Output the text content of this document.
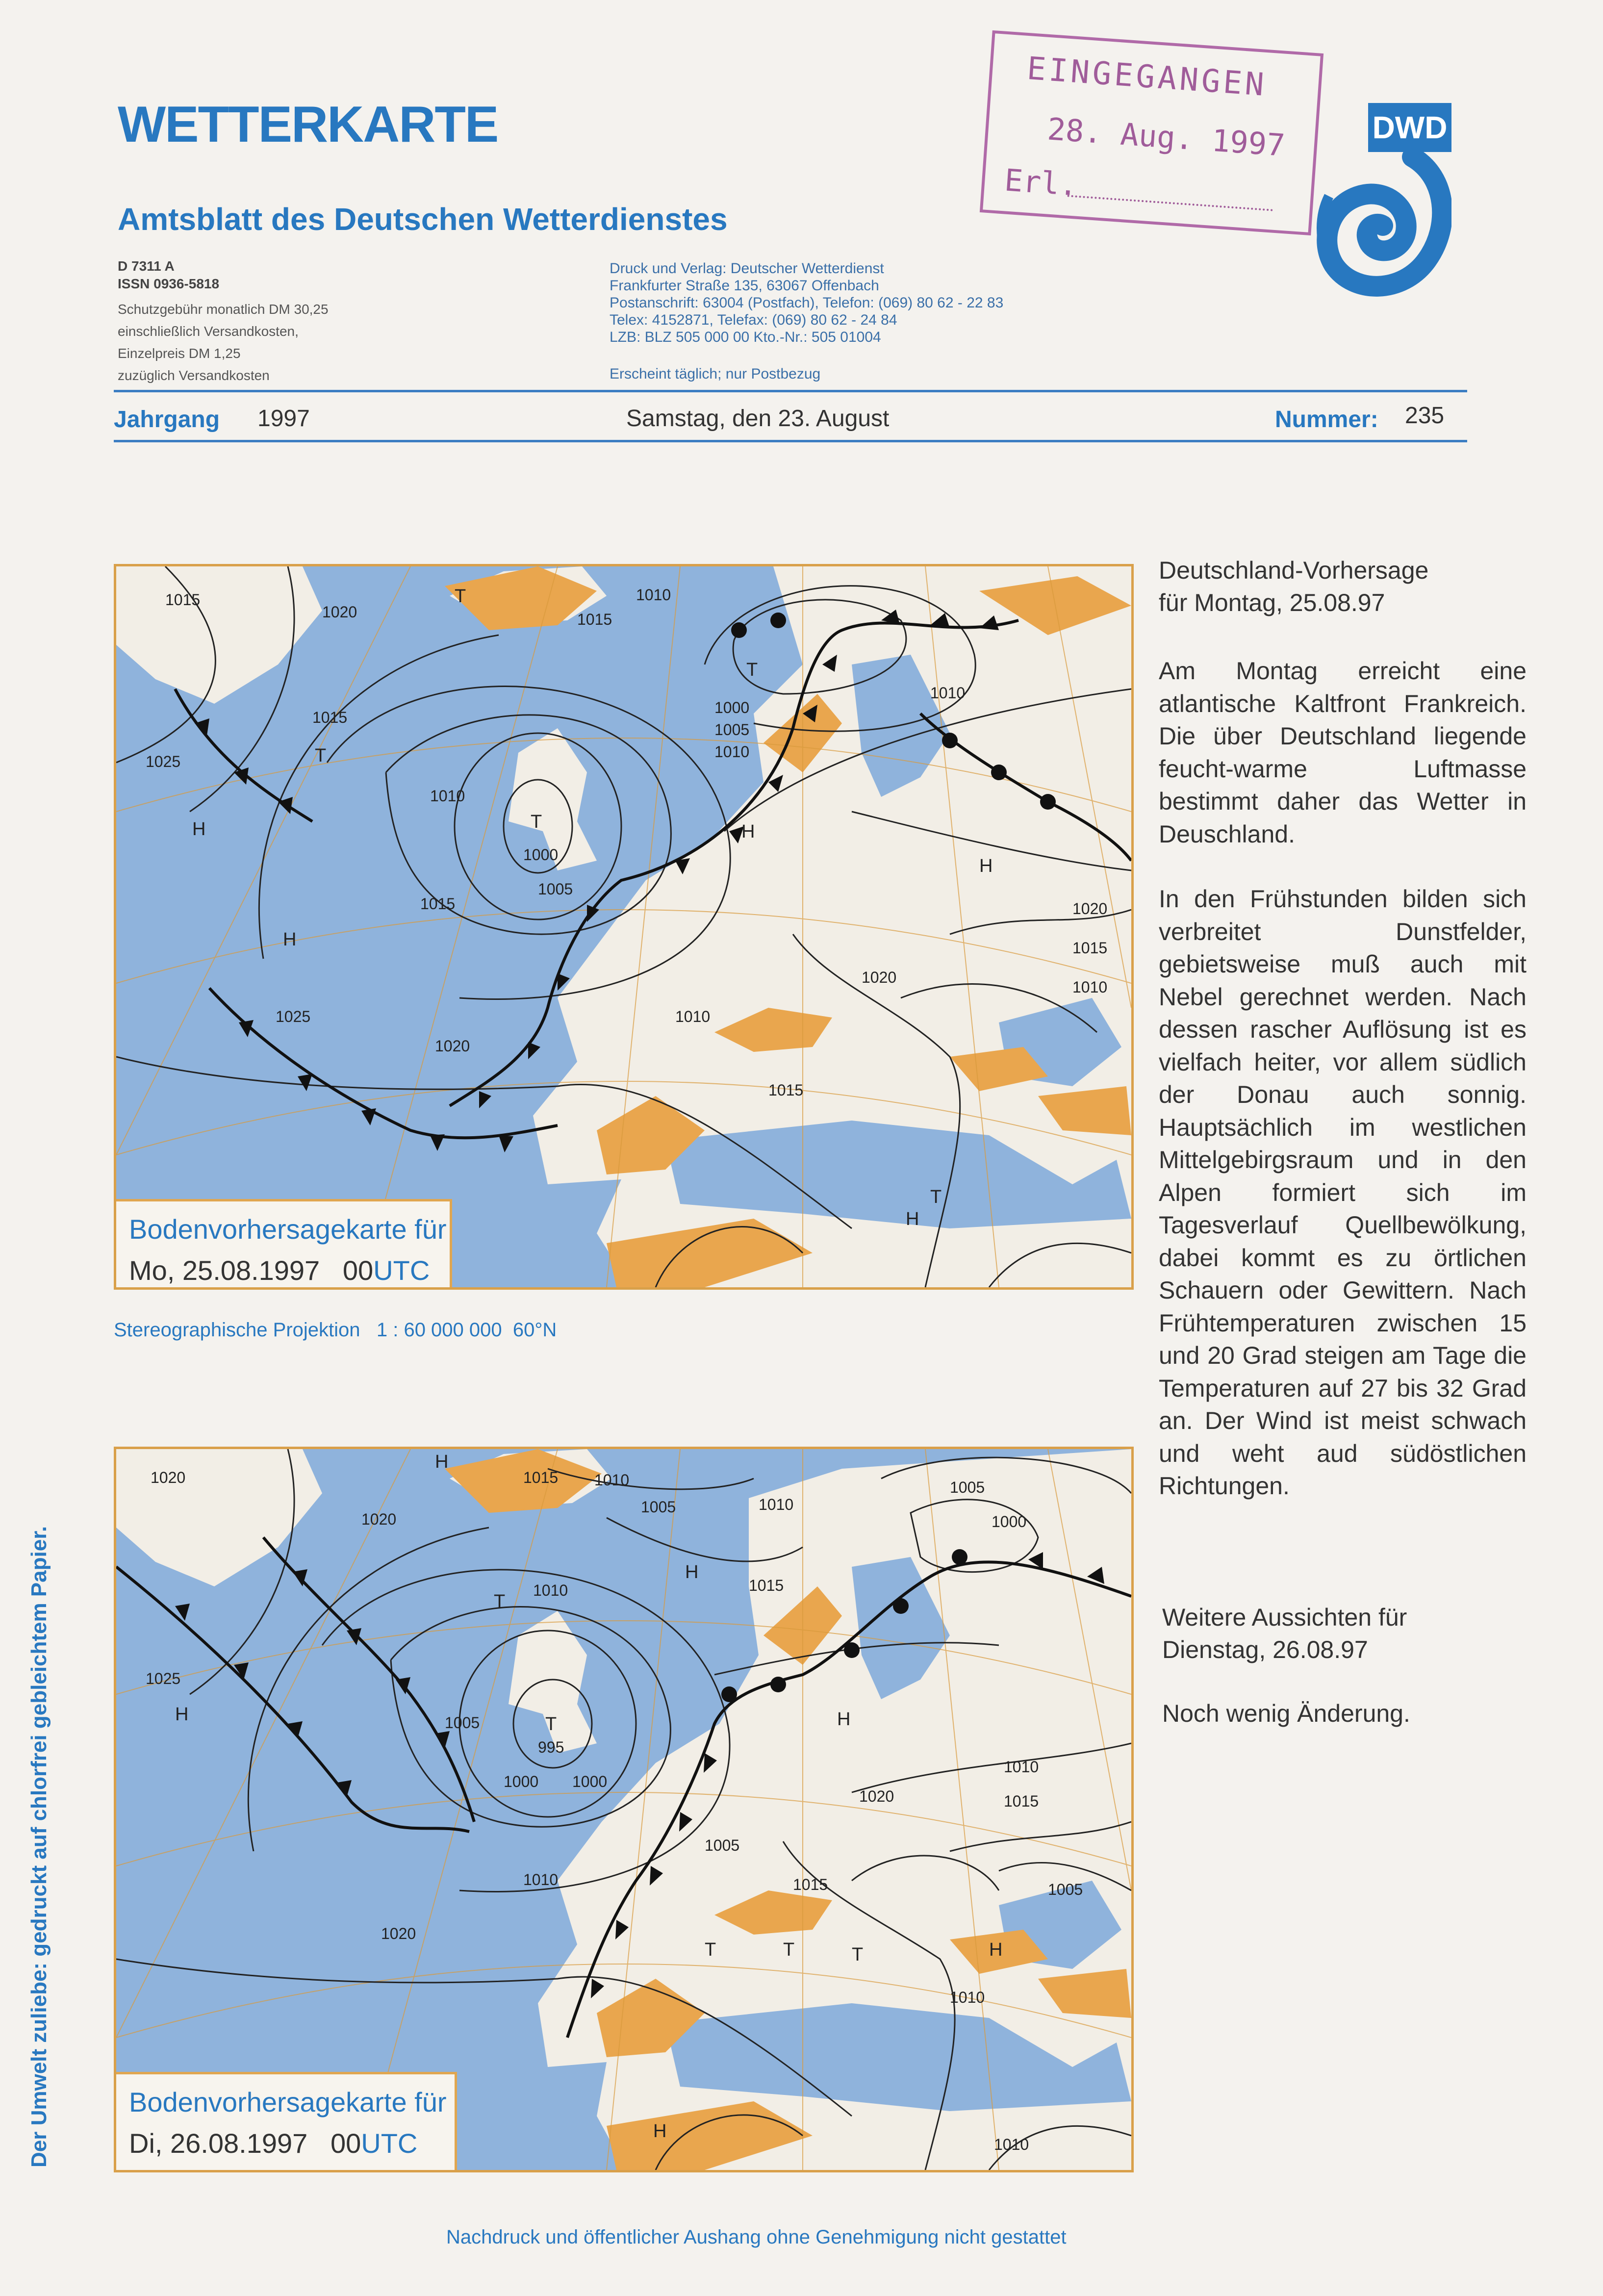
WETTERKARTE
Amtsblatt des Deutschen Wetterdienstes
D 7311 A
ISSN 0936-5818
Schutzgebühr monatlich DM 30,25
einschließlich Versandkosten,
Einzelpreis DM 1,25
zuzüglich Versandkosten
Druck und Verlag: Deutscher Wetterdienst
Frankfurter Straße 135, 63067 Offenbach
Postanschrift: 63004 (Postfach), Telefon: (069) 80 62 - 22 83
Telex: 4152871, Telefax: (069) 80 62 - 24 84
LZB: BLZ 505 000 00 Kto.-Nr.: 505 01004
Erscheint täglich; nur Postbezug
EINGEGANGEN
28. Aug. 1997
Erl.
DWD
Jahrgang 1997	Samstag, den 23. August	Nummer: 235
1015
1020
1015
1025
1010
1000
1005
1015
1025
1020
1010
1015
1020
1010
1010
1020
1015
1010
1000
1005
1010
1015
H
H
H
H
H
T
T
T
T
T
Bodenvorhersagekarte für
Mo, 25.08.1997 00UTC
Stereographische Projektion   1 : 60 000 000  60°N
1020
1020
1015 1010
1010
1025
1010
1005
995
1000 1000
1010
1020
1005
1015
1005
1015
1020
1015
1005
1010
1005
1000
1010
1010
H
H
H
H
H
H
T
T
T	T
T
Bodenvorhersagekarte für
Di, 26.08.1997 00UTC
Deutschland-Vorhersage
für Montag, 25.08.97
Am Montag erreicht eine atlantische Kaltfront Frankreich. Die über Deutschland liegende feucht-warme Luftmasse bestimmt daher das Wetter in Deuschland.
In den Frühstunden bilden sich verbreitet Dunstfelder, gebietsweise muß auch mit Nebel gerechnet werden. Nach dessen rascher Auflösung ist es vielfach heiter, vor allem südlich der Donau auch sonnig. Hauptsächlich im westlichen Mittelgebirgsraum und in den Alpen formiert sich im Tagesverlauf Quellbewölkung, dabei kommt es zu örtlichen Schauern oder Gewittern. Nach Frühtemperaturen zwischen 15 und 20 Grad steigen am Tage die Temperaturen auf 27 bis 32 Grad an. Der Wind ist meist schwach und weht aud südöstlichen Richtungen.
Weitere Aussichten für
Dienstag, 26.08.97
Noch wenig Änderung.
Der Umwelt zuliebe: gedruckt auf chlorfrei gebleichtem Papier.
Nachdruck und öffentlicher Aushang ohne Genehmigung nicht gestattet
